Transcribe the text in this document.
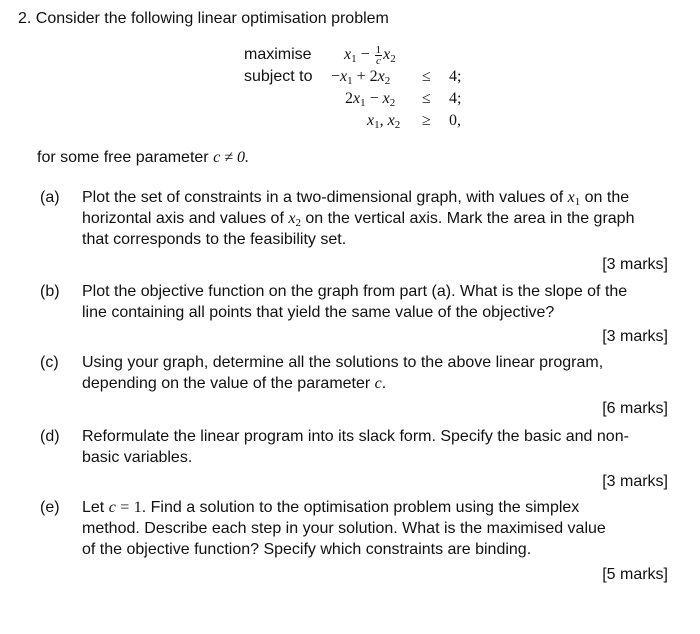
2. Consider the following linear optimisation problem
maximise $x_1 - \frac{1}{c} x_2$
subject to $-x_1 + 2x_2 \le 4$;
$2x_1 - x_2 \le 4$;
$x_1$, $x_2 \ge 0$,
for some free parameter c ≠ 0.
(a) Plot the set of constraints in a two-dimensional graph, with values of $x_1$ on the
horizontal axis and values of $x_2$ on the vertical axis. Mark the area in the graph
that corresponds to the feasibility set.
[3 marks]
(b) Plot the objective function on the graph from part (a). What is the slope of the
line containing all points that yield the same value of the objective?
[3 marks]
(c) Using your graph, determine all the solutions to the above linear program,
depending on the value of the parameter c.
[6 marks]
(d) Reformulate the linear program into its slack form. Specify the basic and non-
basic variables.
[3 marks]
(e) Let c = 1. Find a solution to the optimisation problem using the simplex
method. Describe each step in your solution. What is the maximised value
of the objective function? Specify which constraints are binding.
[5 marks]
